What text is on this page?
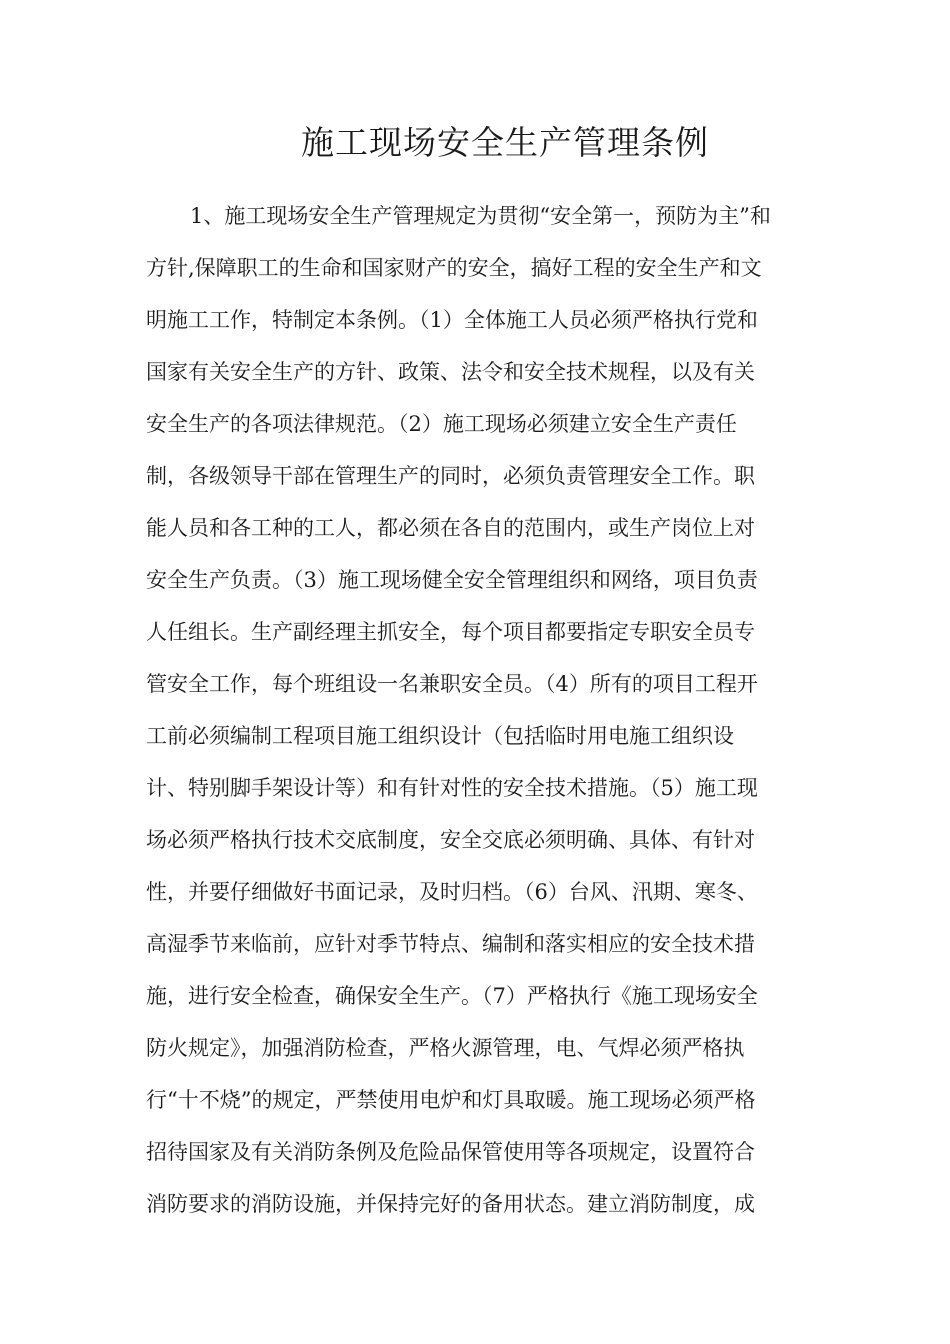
施工现场安全生产管理条例
1、施工现场安全生产管理规定为贯彻“安全第一，预防为主”和
方针,保障职工的生命和国家财产的安全，搞好工程的安全生产和文
明施工工作，特制定本条例。（1）全体施工人员必须严格执行党和
国家有关安全生产的方针、政策、法令和安全技术规程，以及有关
安全生产的各项法律规范。（2）施工现场必须建立安全生产责任
制，各级领导干部在管理生产的同时，必须负责管理安全工作。职
能人员和各工种的工人，都必须在各自的范围内，或生产岗位上对
安全生产负责。（3）施工现场健全安全管理组织和网络，项目负责
人任组长。生产副经理主抓安全，每个项目都要指定专职安全员专
管安全工作，每个班组设一名兼职安全员。（4）所有的项目工程开
工前必须编制工程项目施工组织设计（包括临时用电施工组织设
计、特别脚手架设计等）和有针对性的安全技术措施。（5）施工现
场必须严格执行技术交底制度，安全交底必须明确、具体、有针对
性，并要仔细做好书面记录，及时归档。（6）台风、汛期、寒冬、
高湿季节来临前，应针对季节特点、编制和落实相应的安全技术措
施，进行安全检查，确保安全生产。（7）严格执行《施工现场安全
防火规定》，加强消防检查，严格火源管理，电、气焊必须严格执
行“十不烧”的规定，严禁使用电炉和灯具取暖。施工现场必须严格
招待国家及有关消防条例及危险品保管使用等各项规定，设置符合
消防要求的消防设施，并保持完好的备用状态。建立消防制度，成
